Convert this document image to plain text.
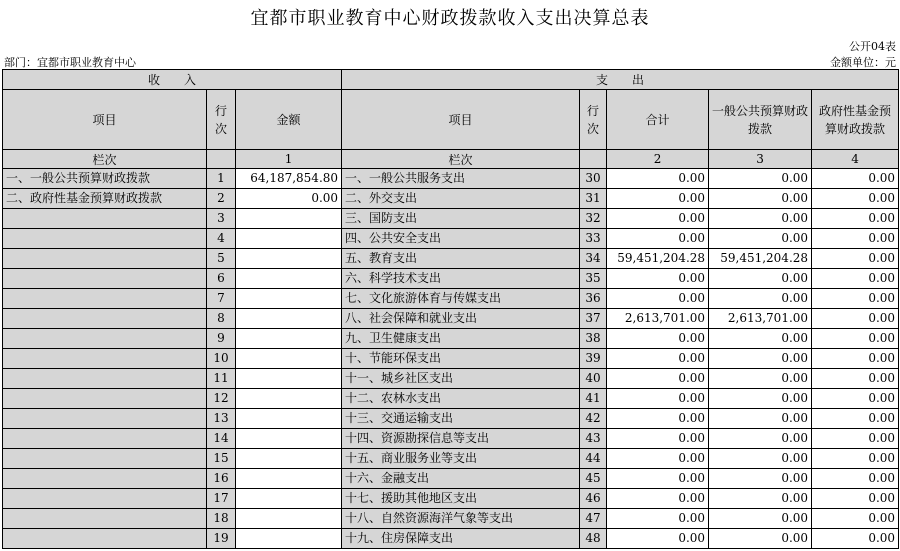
宜都市职业教育中心财政拨款收入支出决算总表
公开04表
部门：宜都市职业教育中心	金额单位：元
收　　入			支　　出				
项目	行次	金额	项目	行次	合计	一般公共预算财政拨款	政府性基金预算财政拨款
栏次		1	栏次		2	3	4
一、一般公共预算财政拨款	1	64,187,854.80	一、一般公共服务支出	30	0.00	0.00	0.00
二、政府性基金预算财政拨款	2	0.00	二、外交支出	31	0.00	0.00	0.00
	3		三、国防支出	32	0.00	0.00	0.00
	4		四、公共安全支出	33	0.00	0.00	0.00
	5		五、教育支出	34	59,451,204.28	59,451,204.28	0.00
	6		六、科学技术支出	35	0.00	0.00	0.00
	7		七、文化旅游体育与传媒支出	36	0.00	0.00	0.00
	8		八、社会保障和就业支出	37	2,613,701.00	2,613,701.00	0.00
	9		九、卫生健康支出	38	0.00	0.00	0.00
	10		十、节能环保支出	39	0.00	0.00	0.00
	11		十一、城乡社区支出	40	0.00	0.00	0.00
	12		十二、农林水支出	41	0.00	0.00	0.00
	13		十三、交通运输支出	42	0.00	0.00	0.00
	14		十四、资源勘探信息等支出	43	0.00	0.00	0.00
	15		十五、商业服务业等支出	44	0.00	0.00	0.00
	16		十六、金融支出	45	0.00	0.00	0.00
	17		十七、援助其他地区支出	46	0.00	0.00	0.00
	18		十八、自然资源海洋气象等支出	47	0.00	0.00	0.00
	19		十九、住房保障支出	48	0.00	0.00	0.00
